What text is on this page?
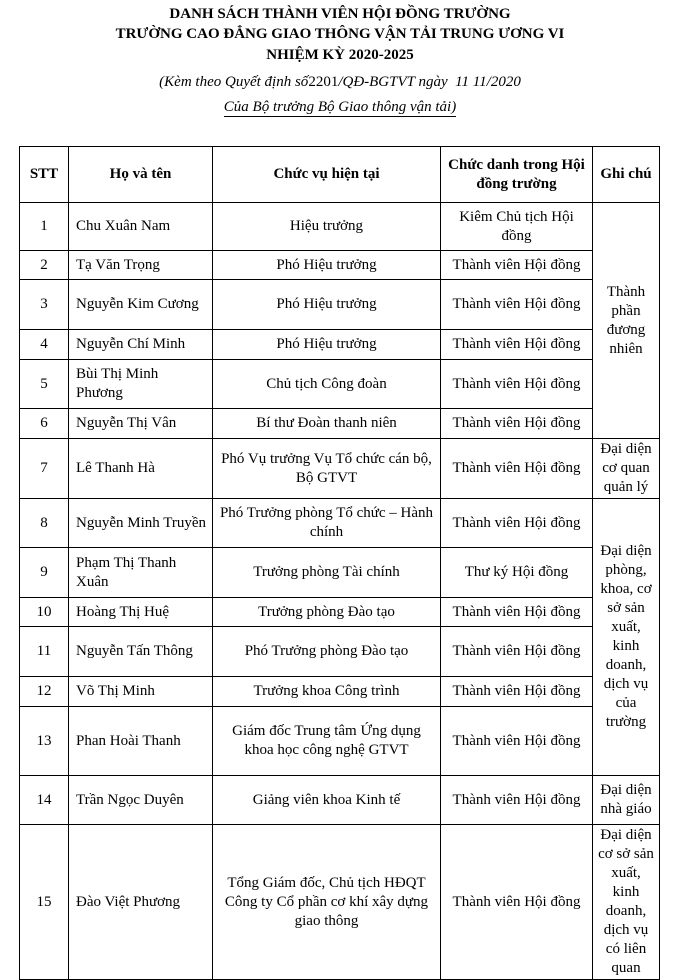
DANH SÁCH THÀNH VIÊN HỘI ĐỒNG TRƯỜNG
TRƯỜNG CAO ĐẲNG GIAO THÔNG VẬN TẢI TRUNG ƯƠNG VI
NHIỆM KỲ 2020-2025
(Kèm theo Quyết định số2201/QĐ-BGTVT ngày 11 11/2020
Của Bộ trưởng Bộ Giao thông vận tải)
STT	Họ và tên	Chức vụ hiện tại	Chức danh trong Hội đồng trường	Ghi chú
1	Chu Xuân Nam	Hiệu trưởng	Kiêm Chủ tịch Hội đồng	Thành phần đương nhiên
2	Tạ Văn Trọng	Phó Hiệu trưởng	Thành viên Hội đồng	
3	Nguyễn Kim Cương	Phó Hiệu trưởng	Thành viên Hội đồng	
4	Nguyễn Chí Minh	Phó Hiệu trưởng	Thành viên Hội đồng	
5	Bùi Thị Minh Phương	Chủ tịch Công đoàn	Thành viên Hội đồng	
6	Nguyễn Thị Vân	Bí thư Đoàn thanh niên	Thành viên Hội đồng	
7	Lê Thanh Hà	Phó Vụ trưởng Vụ Tổ chức cán bộ, Bộ GTVT	Thành viên Hội đồng	Đại diện cơ quan quản lý
8	Nguyễn Minh Truyền	Phó Trưởng phòng Tổ chức – Hành chính	Thành viên Hội đồng	Đại diện phòng, khoa, cơ sở sản xuất, kinh doanh, dịch vụ của trường
9	Phạm Thị Thanh Xuân	Trưởng phòng Tài chính	Thư ký Hội đồng	
10	Hoàng Thị Huệ	Trưởng phòng Đào tạo	Thành viên Hội đồng	
11	Nguyễn Tấn Thông	Phó Trưởng phòng Đào tạo	Thành viên Hội đồng	
12	Võ Thị Minh	Trưởng khoa Công trình	Thành viên Hội đồng	
13	Phan Hoài Thanh	Giám đốc Trung tâm Ứng dụng khoa học công nghệ GTVT	Thành viên Hội đồng	
14	Trần Ngọc Duyên	Giảng viên khoa Kinh tế	Thành viên Hội đồng	Đại diện nhà giáo
15	Đào Việt Phương	Tổng Giám đốc, Chủ tịch HĐQT Công ty Cổ phần cơ khí xây dựng giao thông	Thành viên Hội đồng	Đại diện cơ sở sản xuất, kinh doanh, dịch vụ có liên quan
